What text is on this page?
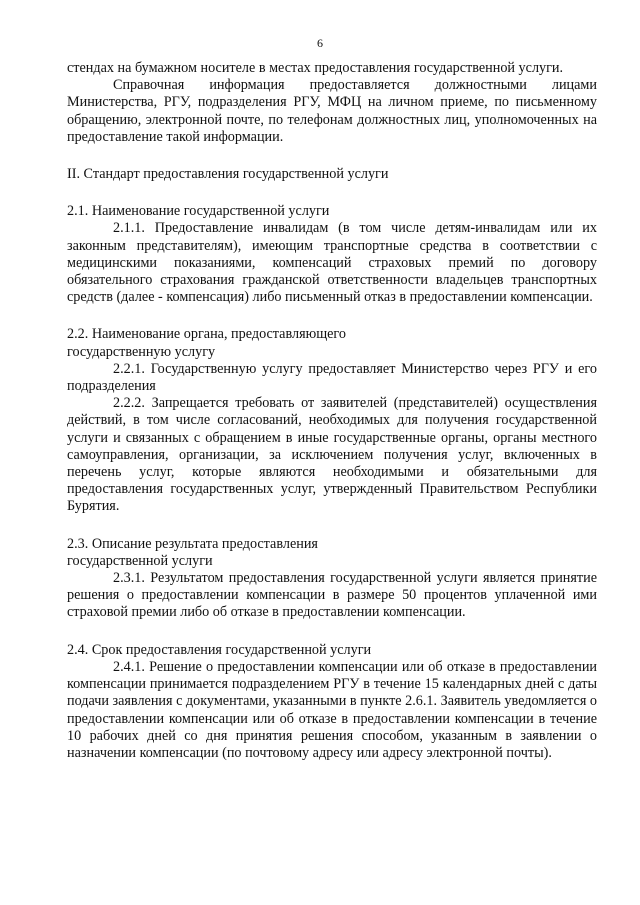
6

стендах на бумажном носителе в местах предоставления государственной услуги.

Справочная информация предоставляется должностными лицами Министерства, РГУ, подразделения РГУ, МФЦ на личном приеме, по письменному обращению, электронной почте, по телефонам должностных лиц, уполномоченных на предоставление такой информации.

II. Стандарт предоставления государственной услуги

2.1. Наименование государственной услуги

2.1.1. Предоставление инвалидам (в том числе детям-инвалидам или их законным представителям), имеющим транспортные средства в соответствии с медицинскими показаниями, компенсаций страховых премий по договору обязательного страхования гражданской ответственности владельцев транспортных средств (далее - компенсация) либо письменный отказ в предоставлении компенсации.

2.2. Наименование органа, предоставляющего

государственную услугу

2.2.1. Государственную услугу предоставляет Министерство через РГУ и его подразделения

2.2.2. Запрещается требовать от заявителей (представителей) осуществления действий, в том числе согласований, необходимых для получения государственной услуги и связанных с обращением в иные государственные органы, органы местного самоуправления, организации, за исключением получения услуг, включенных в перечень услуг, которые являются необходимыми и обязательными для предоставления государственных услуг, утвержденный Правительством Республики Бурятия.

2.3. Описание результата предоставления

государственной услуги

2.3.1. Результатом предоставления государственной услуги является принятие решения о предоставлении компенсации в размере 50 процентов уплаченной ими страховой премии либо об отказе в предоставлении компенсации.

2.4. Срок предоставления государственной услуги

2.4.1. Решение о предоставлении компенсации или об отказе в предоставлении компенсации принимается подразделением РГУ в течение 15 календарных дней с даты подачи заявления с документами, указанными в пункте 2.6.1. Заявитель уведомляется о предоставлении компенсации или об отказе в предоставлении компенсации в течение 10 рабочих дней со дня принятия решения способом, указанным в заявлении о назначении компенсации (по почтовому адресу или адресу электронной почты).
